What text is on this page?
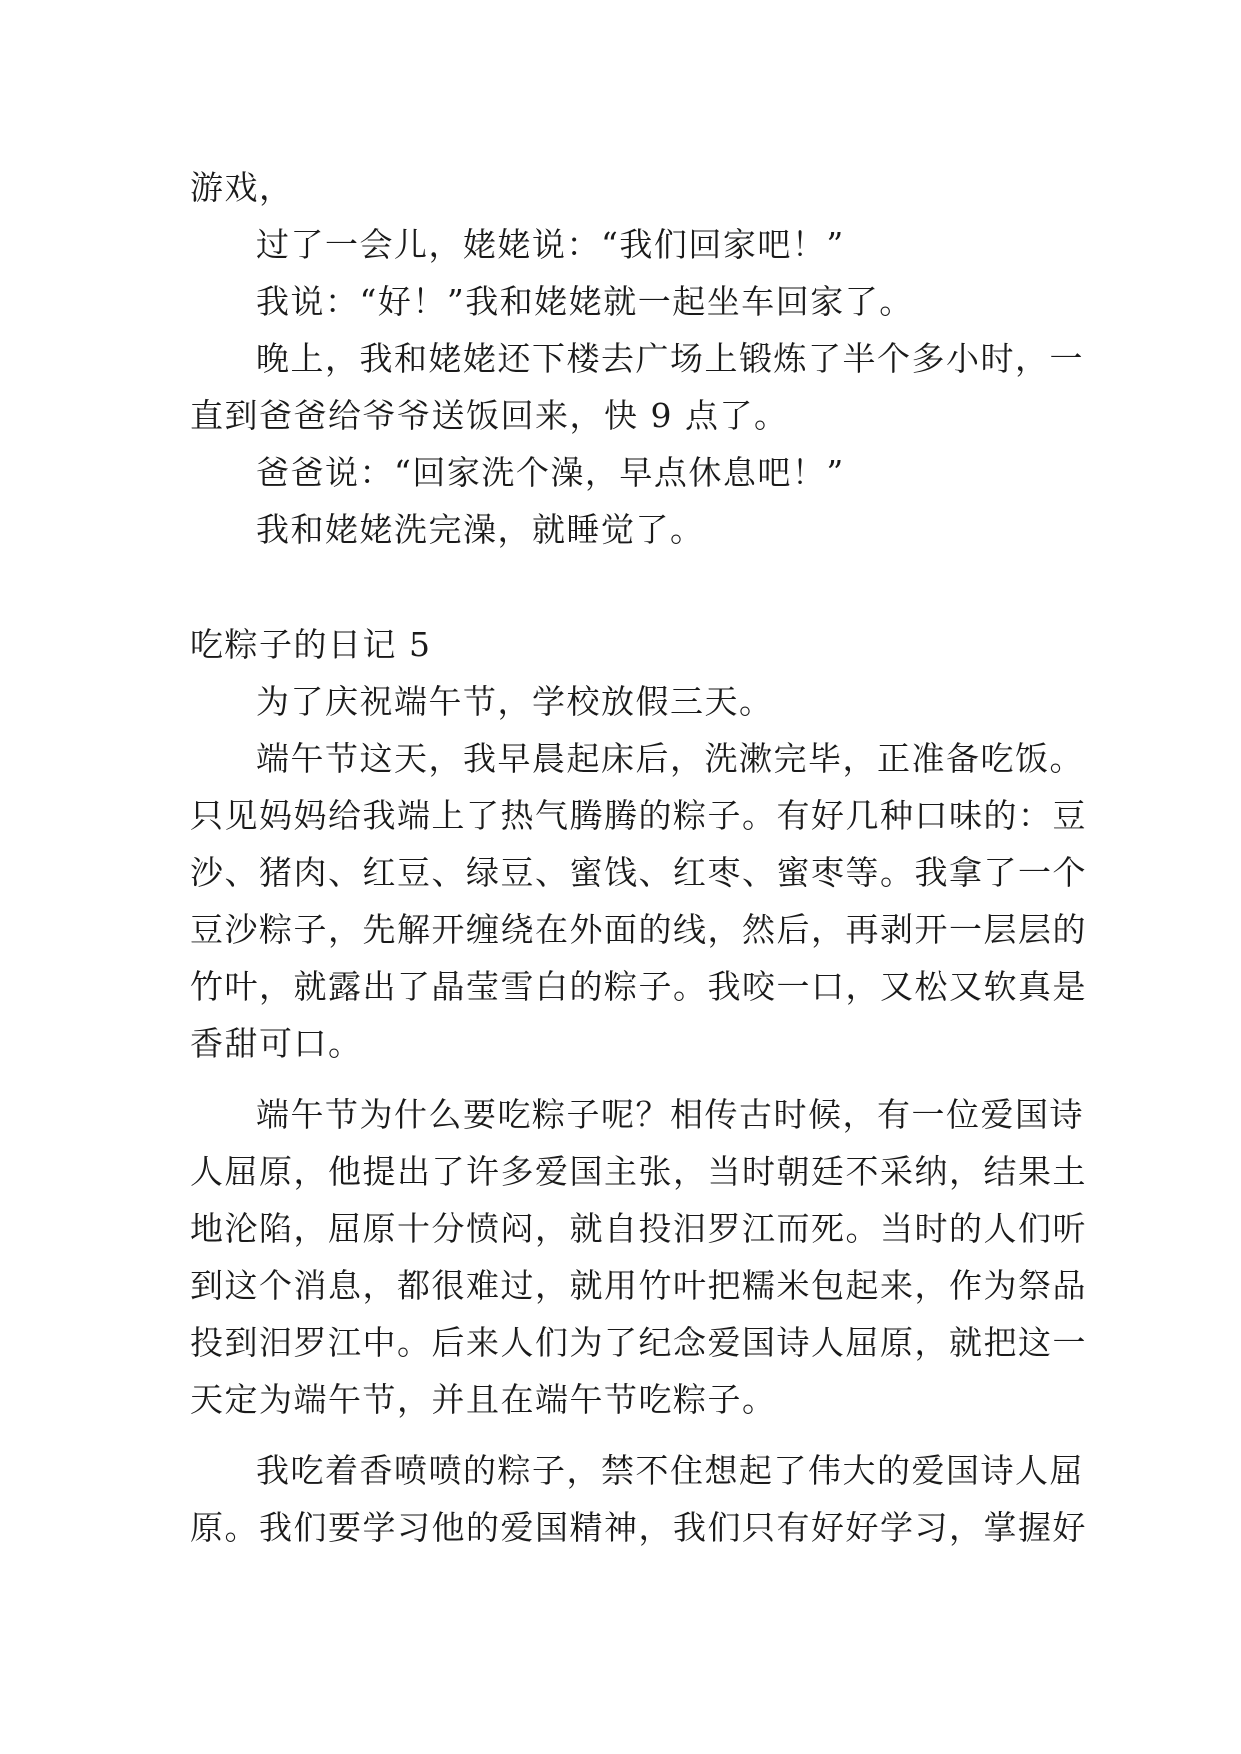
游戏，
过了一会儿，姥姥说：“我们回家吧！”
我说：“好！”我和姥姥就一起坐车回家了。
晚上，我和姥姥还下楼去广场上锻炼了半个多小时，一
直到爸爸给爷爷送饭回来，快 9 点了。
爸爸说：“回家洗个澡，早点休息吧！”
我和姥姥洗完澡，就睡觉了。
吃粽子的日记 5
为了庆祝端午节，学校放假三天。
端午节这天，我早晨起床后，洗漱完毕，正准备吃饭。
只见妈妈给我端上了热气腾腾的粽子。有好几种口味的：豆
沙、猪肉、红豆、绿豆、蜜饯、红枣、蜜枣等。我拿了一个
豆沙粽子，先解开缠绕在外面的线，然后，再剥开一层层的
竹叶，就露出了晶莹雪白的粽子。我咬一口，又松又软真是
香甜可口。
端午节为什么要吃粽子呢？相传古时候，有一位爱国诗
人屈原，他提出了许多爱国主张，当时朝廷不采纳，结果土
地沦陷，屈原十分愤闷，就自投汨罗江而死。当时的人们听
到这个消息，都很难过，就用竹叶把糯米包起来，作为祭品
投到汨罗江中。后来人们为了纪念爱国诗人屈原，就把这一
天定为端午节，并且在端午节吃粽子。
我吃着香喷喷的粽子，禁不住想起了伟大的爱国诗人屈
原。我们要学习他的爱国精神，我们只有好好学习，掌握好
